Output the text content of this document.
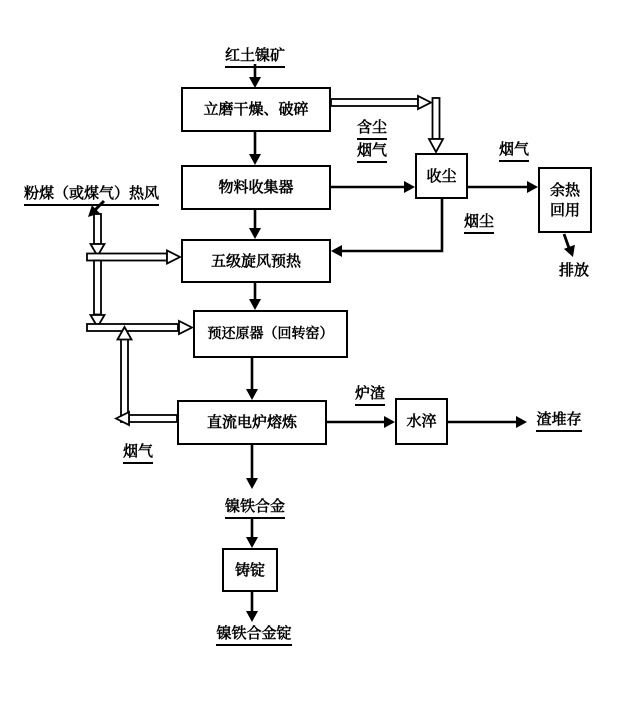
立磨干燥、破碎
物料收集器
五级旋风预热
预还原器（回转窑）
直流电炉熔炼
收尘
余热
回用
水淬
铸锭
红土镍矿
含尘
烟气	烟气
烟尘
排放
粉煤（或煤气）热风
炉渣
渣堆存
烟气
镍铁合金
镍铁合金锭
